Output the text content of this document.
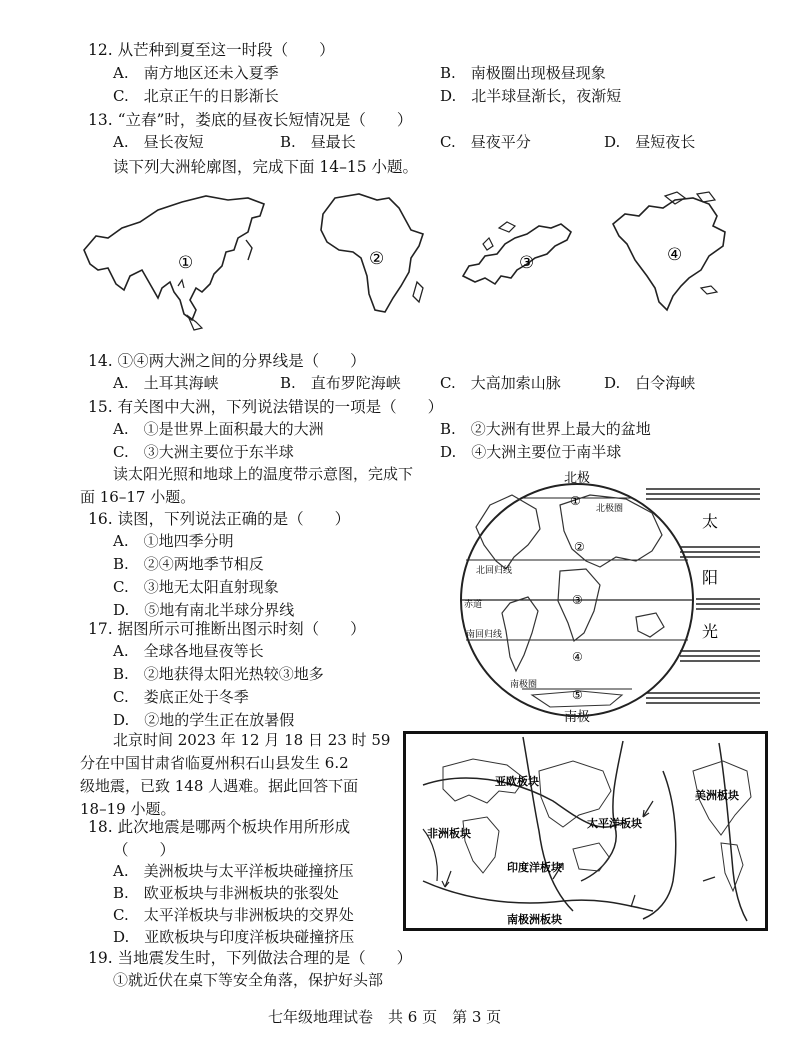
12. 从芒种到夏至这一时段（　　）
A.　南方地区还未入夏季	B.　南极圈出现极昼现象
C.　北京正午的日影渐长	D.　北半球昼渐长，夜渐短
13. “立春”时，娄底的昼夜长短情况是（　　）
A.　昼长夜短	B.　昼最长	C.　昼夜平分	D.　昼短夜长
读下列大洲轮廓图，完成下面 14–15 小题。
①	②	③	④
14. ①④两大洲之间的分界线是（　　）
A.　土耳其海峡	B.　直布罗陀海峡	C.　大高加索山脉	D.　白令海峡
15. 有关图中大洲，下列说法错误的一项是（　　）
A.　①是世界上面积最大的大洲	B.　②大洲有世界上最大的盆地
C.　③大洲主要位于东半球	D.　④大洲主要位于南半球
读太阳光照和地球上的温度带示意图，完成下
面 16–17 小题。
北极
南极
北极圈
北回归线
赤道
南回归线
南极圈
①
②
③
④
⑤
太
阳
光
16. 读图，下列说法正确的是（　　）
A.　①地四季分明
B.　②④两地季节相反
C.　③地无太阳直射现象
D.　⑤地有南北半球分界线
17. 据图所示可推断出图示时刻（　　）
A.　全球各地昼夜等长
B.　②地获得太阳光热较③地多
C.　娄底正处于冬季
D.　②地的学生正在放暑假
北京时间 2023 年 12 月 18 日 23 时 59
分在中国甘肃省临夏州积石山县发生 6.2
级地震，已致 148 人遇难。据此回答下面
18–19 小题。
亚欧板块
非洲板块
太平洋板块
美洲板块
印度洋板块
南极洲板块
18. 此次地震是哪两个板块作用所形成
（　　）
A.　美洲板块与太平洋板块碰撞挤压
B.　欧亚板块与非洲板块的张裂处
C.　太平洋板块与非洲板块的交界处
D.　亚欧板块与印度洋板块碰撞挤压
19. 当地震发生时，下列做法合理的是（　　）
①就近伏在桌下等安全角落，保护好头部
七年级地理试卷　共 6 页　第 3 页
